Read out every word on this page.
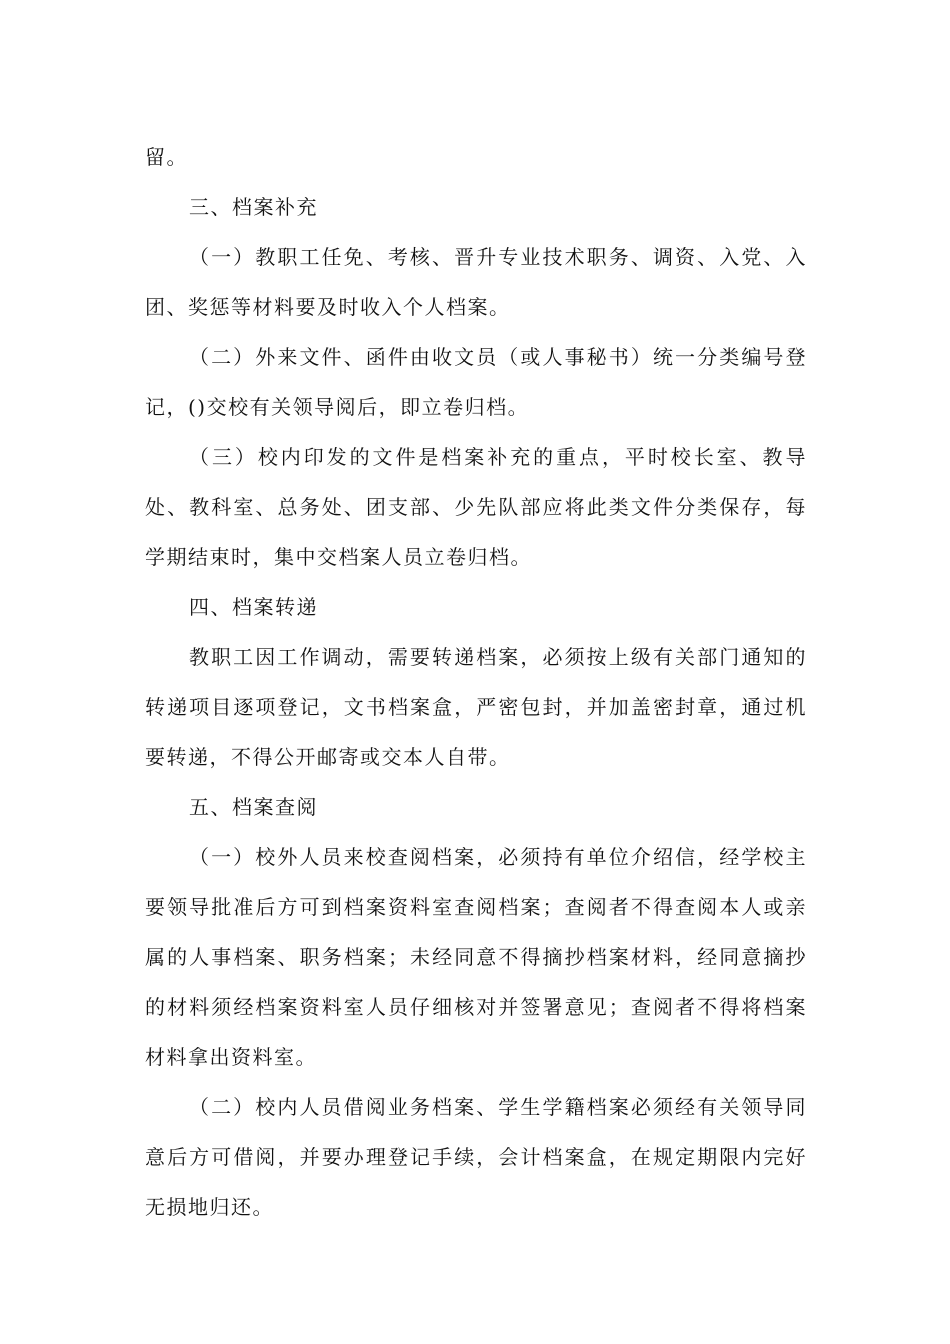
留。

三、档案补充

（一）教职工任免、考核、晋升专业技术职务、调资、入党、入团、奖惩等材料要及时收入个人档案。

（二）外来文件、函件由收文员（或人事秘书）统一分类编号登记，()交校有关领导阅后，即立卷归档。

（三）校内印发的文件是档案补充的重点，平时校长室、教导处、教科室、总务处、团支部、少先队部应将此类文件分类保存，每学期结束时，集中交档案人员立卷归档。

四、档案转递

教职工因工作调动，需要转递档案，必须按上级有关部门通知的转递项目逐项登记，文书档案盒，严密包封，并加盖密封章，通过机要转递，不得公开邮寄或交本人自带。

五、档案查阅

（一）校外人员来校查阅档案，必须持有单位介绍信，经学校主要领导批准后方可到档案资料室查阅档案；查阅者不得查阅本人或亲属的人事档案、职务档案；未经同意不得摘抄档案材料，经同意摘抄的材料须经档案资料室人员仔细核对并签署意见；查阅者不得将档案材料拿出资料室。

（二）校内人员借阅业务档案、学生学籍档案必须经有关领导同意后方可借阅，并要办理登记手续，会计档案盒，在规定期限内完好无损地归还。
